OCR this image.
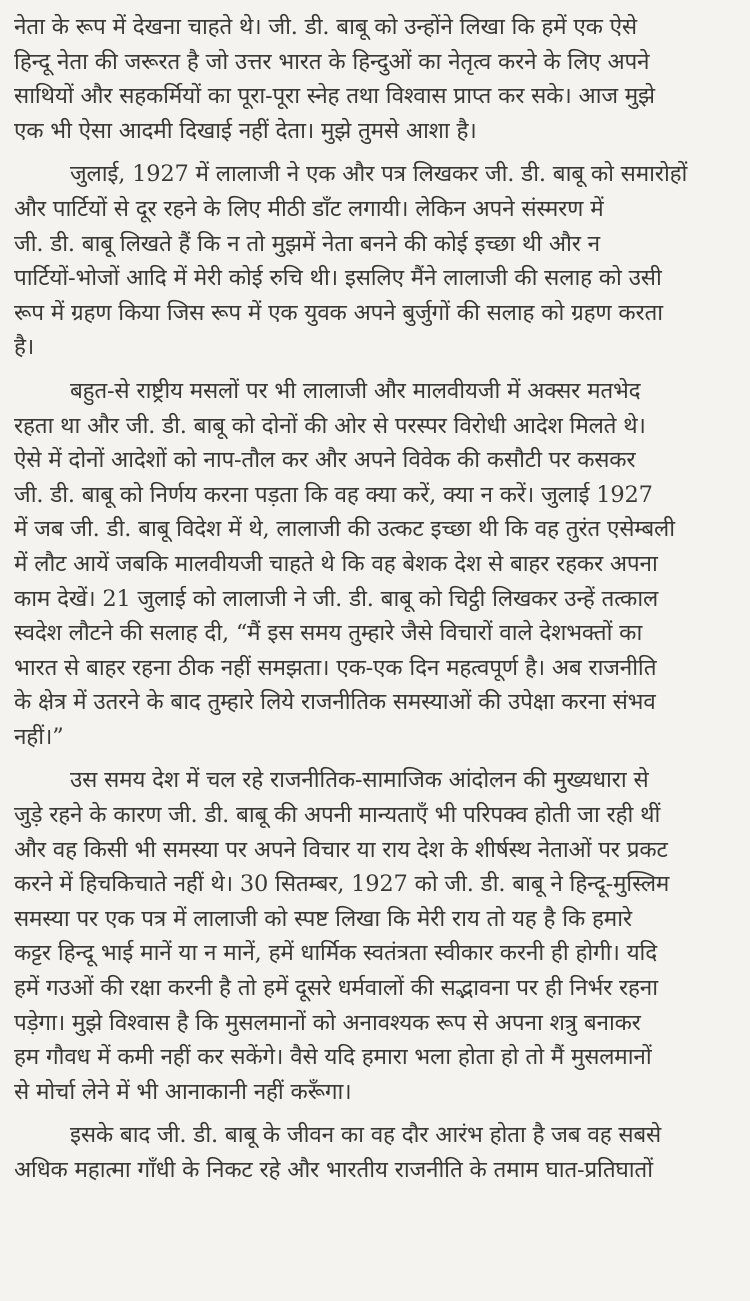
नेता के रूप में देखना चाहते थे। जी. डी. बाबू को उन्होंने लिखा कि हमें एक ऐसे
हिन्दू नेता की जरूरत है जो उत्तर भारत के हिन्दुओं का नेतृत्व करने के लिए अपने
साथियों और सहकर्मियों का पूरा-पूरा स्नेह तथा विश्वास प्राप्त कर सके। आज मुझे
एक भी ऐसा आदमी दिखाई नहीं देता। मुझे तुमसे आशा है।
जुलाई, 1927 में लालाजी ने एक और पत्र लिखकर जी. डी. बाबू को समारोहों
और पार्टियों से दूर रहने के लिए मीठी डाँट लगायी। लेकिन अपने संस्मरण में
जी. डी. बाबू लिखते हैं कि न तो मुझमें नेता बनने की कोई इच्छा थी और न
पार्टियों-भोजों आदि में मेरी कोई रुचि थी। इसलिए मैंने लालाजी की सलाह को उसी
रूप में ग्रहण किया जिस रूप में एक युवक अपने बुर्जुगों की सलाह को ग्रहण करता
है।
बहुत-से राष्ट्रीय मसलों पर भी लालाजी और मालवीयजी में अक्सर मतभेद
रहता था और जी. डी. बाबू को दोनों की ओर से परस्पर विरोधी आदेश मिलते थे।
ऐसे में दोनों आदेशों को नाप-तौल कर और अपने विवेक की कसौटी पर कसकर
जी. डी. बाबू को निर्णय करना पड़ता कि वह क्या करें, क्या न करें। जुलाई 1927
में जब जी. डी. बाबू विदेश में थे, लालाजी की उत्कट इच्छा थी कि वह तुरंत एसेम्बली
में लौट आयें जबकि मालवीयजी चाहते थे कि वह बेशक देश से बाहर रहकर अपना
काम देखें। 21 जुलाई को लालाजी ने जी. डी. बाबू को चिट्ठी लिखकर उन्हें तत्काल
स्वदेश लौटने की सलाह दी, “मैं इस समय तुम्हारे जैसे विचारों वाले देशभक्तों का
भारत से बाहर रहना ठीक नहीं समझता। एक-एक दिन महत्वपूर्ण है। अब राजनीति
के क्षेत्र में उतरने के बाद तुम्हारे लिये राजनीतिक समस्याओं की उपेक्षा करना संभव
नहीं।”
उस समय देश में चल रहे राजनीतिक-सामाजिक आंदोलन की मुख्यधारा से
जुड़े रहने के कारण जी. डी. बाबू की अपनी मान्यताएँ भी परिपक्व होती जा रही थीं
और वह किसी भी समस्या पर अपने विचार या राय देश के शीर्षस्थ नेताओं पर प्रकट
करने में हिचकिचाते नहीं थे। 30 सितम्बर, 1927 को जी. डी. बाबू ने हिन्दू-मुस्लिम
समस्या पर एक पत्र में लालाजी को स्पष्ट लिखा कि मेरी राय तो यह है कि हमारे
कट्टर हिन्दू भाई मानें या न मानें, हमें धार्मिक स्वतंत्रता स्वीकार करनी ही होगी। यदि
हमें गउओं की रक्षा करनी है तो हमें दूसरे धर्मवालों की सद्भावना पर ही निर्भर रहना
पड़ेगा। मुझे विश्वास है कि मुसलमानों को अनावश्यक रूप से अपना शत्रु बनाकर
हम गौवध में कमी नहीं कर सकेंगे। वैसे यदि हमारा भला होता हो तो मैं मुसलमानों
से मोर्चा लेने में भी आनाकानी नहीं करूँगा।
इसके बाद जी. डी. बाबू के जीवन का वह दौर आरंभ होता है जब वह सबसे
अधिक महात्मा गाँधी के निकट रहे और भारतीय राजनीति के तमाम घात-प्रतिघातों
